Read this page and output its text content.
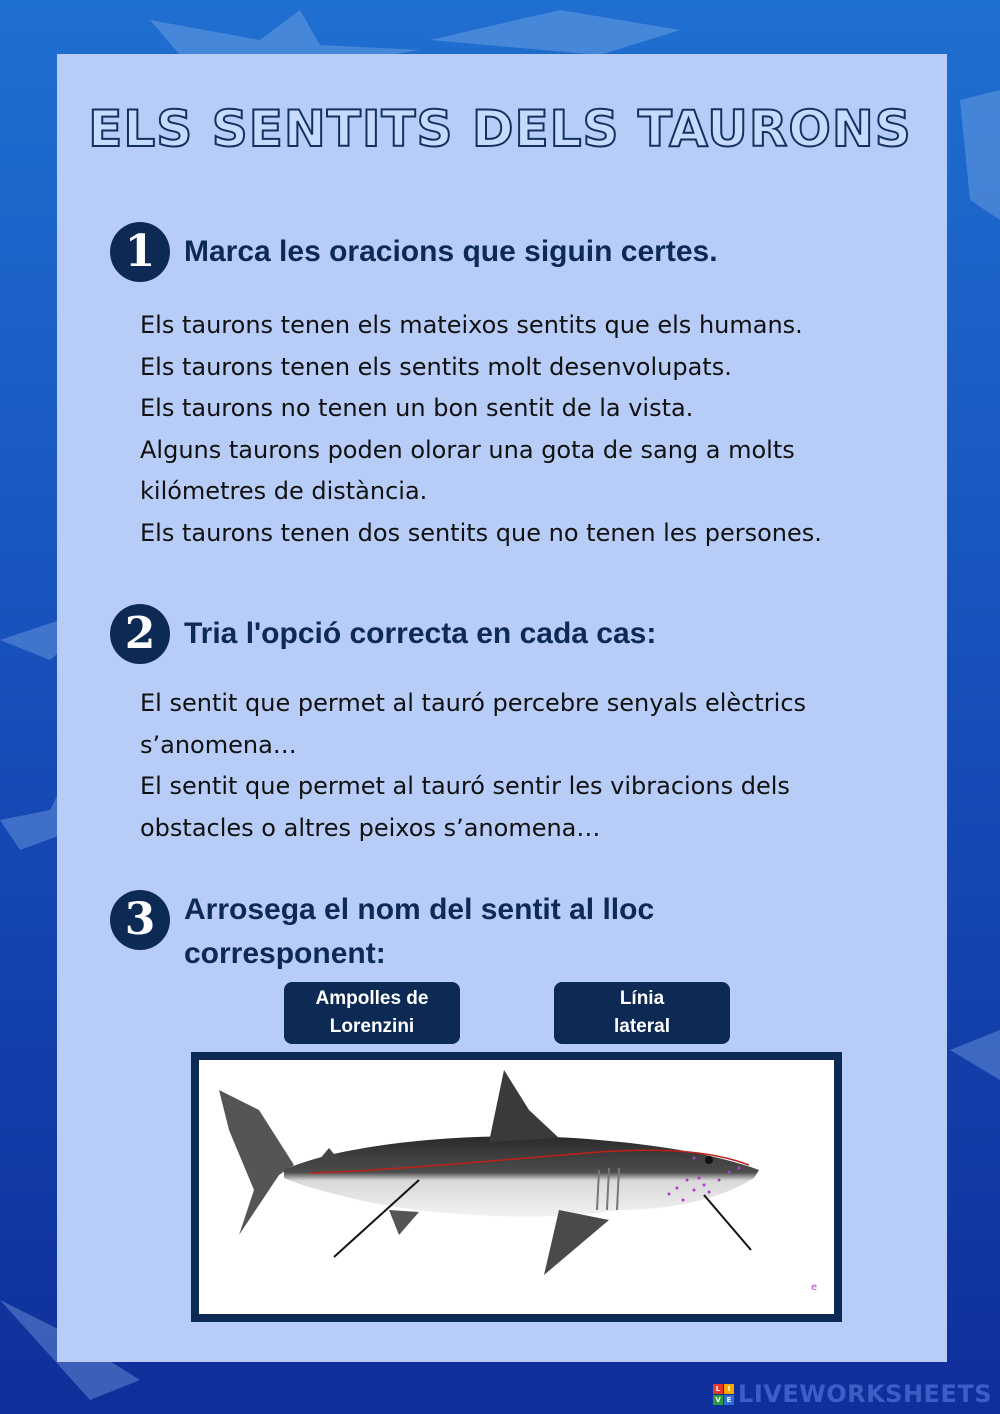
ELS SENTITS DELS TAURONS
1 Marca les oracions que siguin certes.
Els taurons tenen els mateixos sentits que els humans.
Els taurons tenen els sentits molt desenvolupats.
Els taurons no tenen un bon sentit de la vista.
Alguns taurons poden olorar una gota de sang a molts
kilómetres de distància.
Els taurons tenen dos sentits que no tenen les persones.
2 Tria l'opció correcta en cada cas:
El sentit que permet al tauró percebre senyals elèctrics
s’anomena…
El sentit que permet al tauró sentir les vibracions dels
obstacles o altres peixos s’anomena…
3 Arrosega el nom del sentit al lloc
corresponent:
Ampolles de
Lorenzini
Línia
lateral
e
L	I
V E LIVEWORKSHEETS
